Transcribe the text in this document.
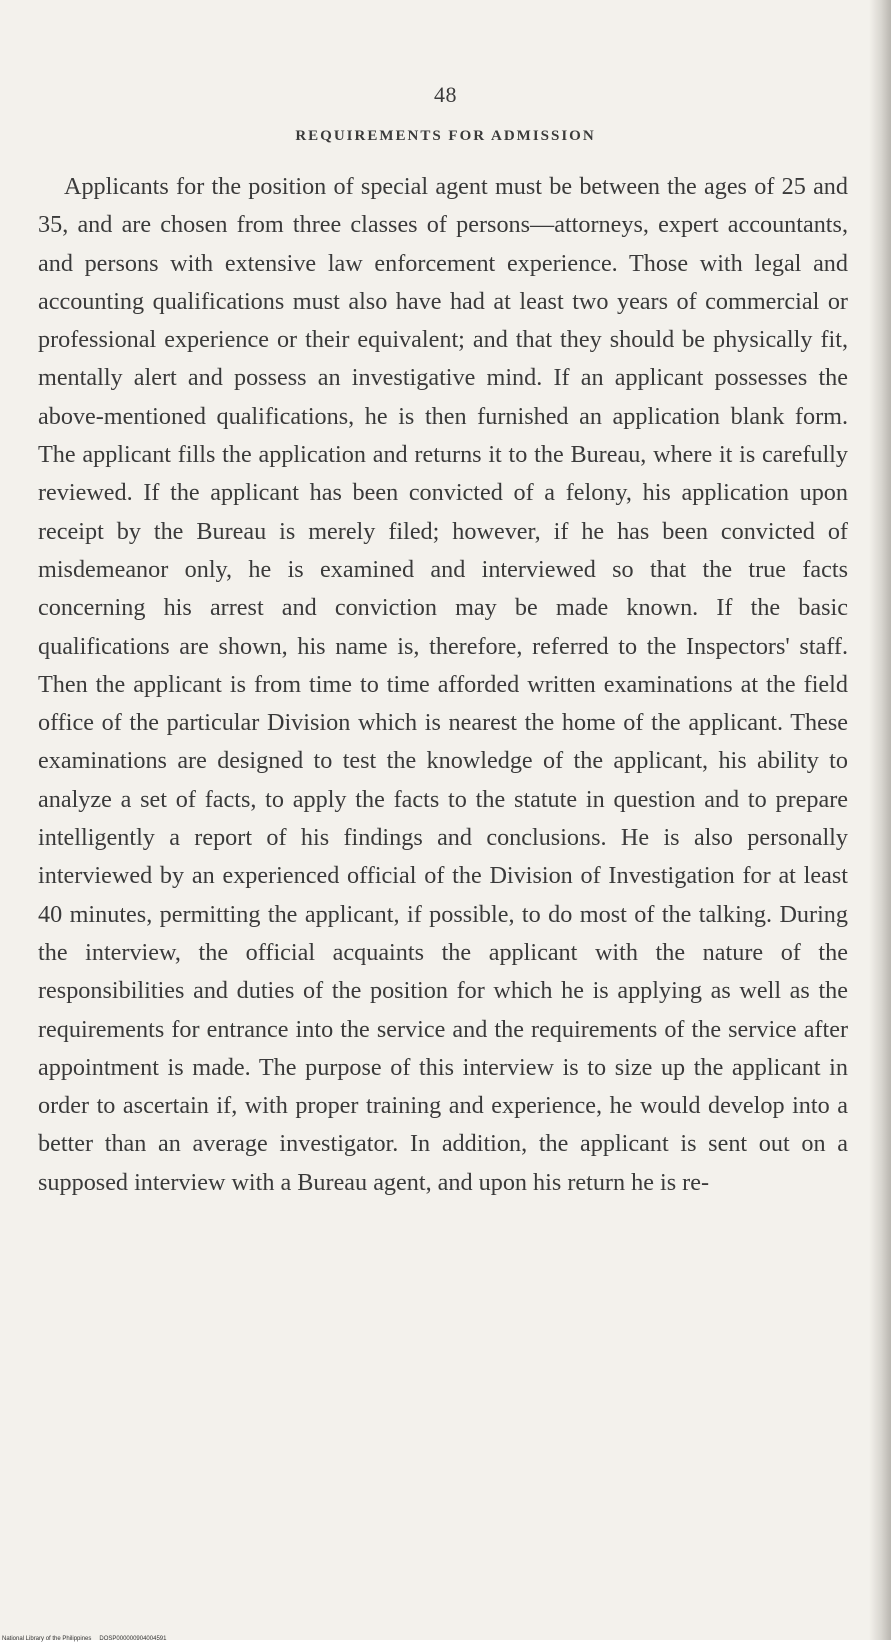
48
REQUIREMENTS FOR ADMISSION

Applicants for the position of special agent must be between the ages of 25 and 35, and are chosen from three classes of persons—attorneys, expert accountants, and persons with extensive law enforcement experience. Those with legal and accounting qualifications must also have had at least two years of commercial or professional experience or their equivalent; and that they should be physically fit, mentally alert and possess an investigative mind. If an applicant possesses the above-mentioned qualifications, he is then furnished an application blank form. The applicant fills the application and returns it to the Bureau, where it is carefully reviewed. If the applicant has been convicted of a felony, his application upon receipt by the Bureau is merely filed; however, if he has been convicted of misdemeanor only, he is examined and interviewed so that the true facts concerning his arrest and conviction may be made known. If the basic qualifications are shown, his name is, therefore, referred to the Inspectors' staff. Then the applicant is from time to time afforded written examinations at the field office of the particular Division which is nearest the home of the applicant. These examinations are designed to test the knowledge of the applicant, his ability to analyze a set of facts, to apply the facts to the statute in question and to prepare intelligently a report of his findings and conclusions. He is also personally interviewed by an experienced official of the Division of Investigation for at least 40 minutes, permitting the applicant, if possible, to do most of the talking. During the interview, the official acquaints the applicant with the nature of the responsibilities and duties of the position for which he is applying as well as the requirements for entrance into the service and the requirements of the service after appointment is made. The purpose of this interview is to size up the applicant in order to ascertain if, with proper training and experience, he would develop into a better than an average investigator. In addition, the applicant is sent out on a supposed interview with a Bureau agent, and upon his return he is re-

National Library of the Philippines DOSP000000904004591
